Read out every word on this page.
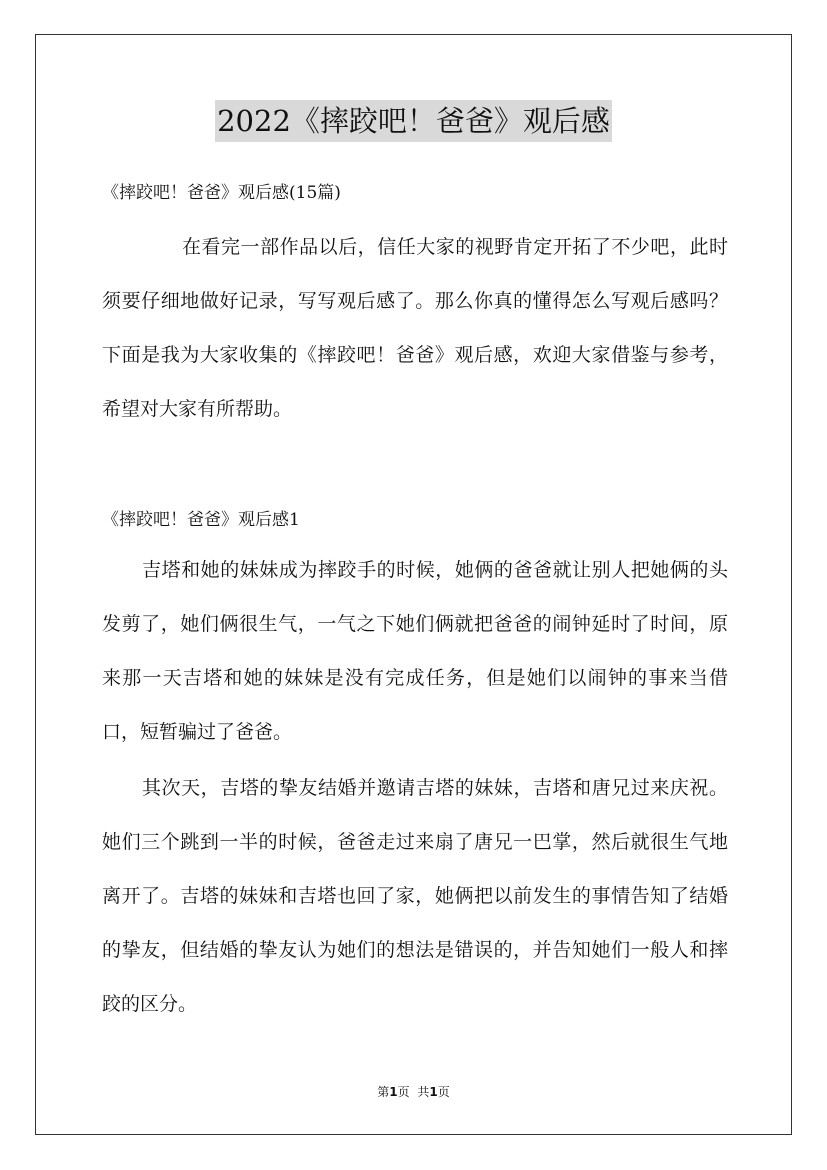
2022《摔跤吧！爸爸》观后感
《摔跤吧！爸爸》观后感(15篇)

在看完一部作品以后，信任大家的视野肯定开拓了不少吧，此时须要仔细地做好记录，写写观后感了。那么你真的懂得怎么写观后感吗？下面是我为大家收集的《摔跤吧！爸爸》观后感，欢迎大家借鉴与参考，希望对大家有所帮助。

《摔跤吧！爸爸》观后感1

吉塔和她的妹妹成为摔跤手的时候，她俩的爸爸就让别人把她俩的头发剪了，她们俩很生气，一气之下她们俩就把爸爸的闹钟延时了时间，原来那一天吉塔和她的妹妹是没有完成任务，但是她们以闹钟的事来当借口，短暂骗过了爸爸。

其次天，吉塔的挚友结婚并邀请吉塔的妹妹，吉塔和唐兄过来庆祝。她们三个跳到一半的时候，爸爸走过来扇了唐兄一巴掌，然后就很生气地离开了。吉塔的妹妹和吉塔也回了家，她俩把以前发生的事情告知了结婚的挚友，但结婚的挚友认为她们的想法是错误的，并告知她们一般人和摔跤的区分。

第1页 共1页
